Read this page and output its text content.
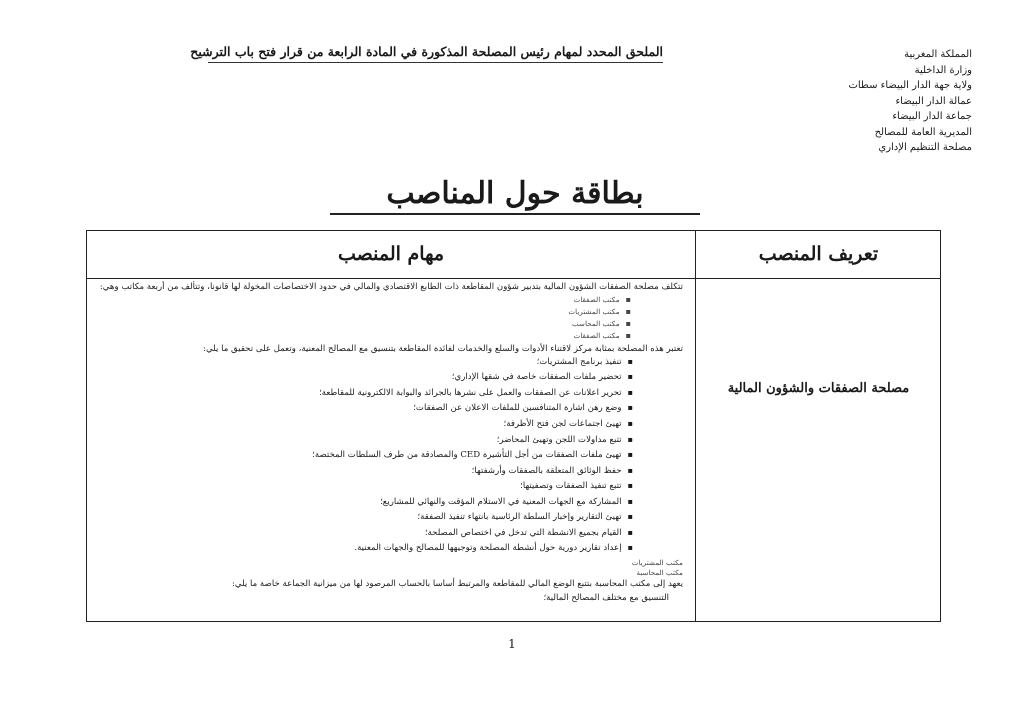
المملكة المغربية
وزارة الداخلية
ولاية جهة الدار البيضاء سطات
عمالة الدار البيضاء
جماعة الدار البيضاء
المديرية العامة للمصالح
مصلحة التنظيم الإداري
الملحق المحدد لمهام رئيس المصلحة المذكورة في المادة الرابعة من قرار فتح باب الترشيح
بطاقة حول المناصب
تعريف المنصب
مهام المنصب
مصلحة الصفقات والشؤون المالية
تتكلف مصلحة الصفقات الشؤون المالية بتدبير شؤون المقاطعة ذات الطابع الاقتصادي والمالي في حدود الاختصاصات المخولة لها قانونا، وتتألف من أربعة مكاتب وهي:
▪ مكتب الصفقات
▪ مكتب المشتريات
▪ مكتب المحاسب
▪ مكتب الصفقات
تعتبر هذه المصلحة بمثابة مركز لاقتناء الأدوات والسلع والخدمات لفائدة المقاطعة بتنسيق مع المصالح المعنية، وتعمل على تحقيق ما يلي:
▪ تنفيذ برنامج المشتريات؛
▪ تحضير ملفات الصفقات خاصة في شقها الإداري؛
▪ تحرير اعلانات عن الصفقات والعمل على نشرها بالجرائد والبوابة الالكترونية للمقاطعة؛
▪ وضع رهن اشارة المتنافسين للملفات الاعلان عن الصفقات؛
▪ تهيئ اجتماعات لجن فتح الأظرفة؛
▪ تتبع مداولات اللجن وتهيئ المحاضر؛
▪ تهيئ ملفات الصفقات من أجل التأشيرة CED والمصادقة من طرف السلطات المختصة؛
▪ حفظ الوثائق المتعلقة بالصفقات وأرشفتها؛
▪ تتبع تنفيذ الصفقات وتصفيتها؛
▪ المشاركة مع الجهات المعنية في الاستلام المؤقت والنهائي للمشاريع؛
▪ تهيئ التقارير وإخبار السلطة الرئاسية بانتهاء تنفيذ الصفقة؛
▪ القيام بجميع الانشطة التي تدخل في اختصاص المصلحة؛
▪ إعداد تقارير دورية حول أنشطة المصلحة وتوجيهها للمصالح والجهات المعنية.
مكتب المشتريات
مكتب المحاسبة
يعهد إلى مكتب المحاسبة بتتبع الوضع المالي للمقاطعة والمرتبط أساسا بالحساب المرصود لها من ميزانية الجماعة خاصة ما يلي:
التنسيق مع مختلف المصالح المالية؛
1
